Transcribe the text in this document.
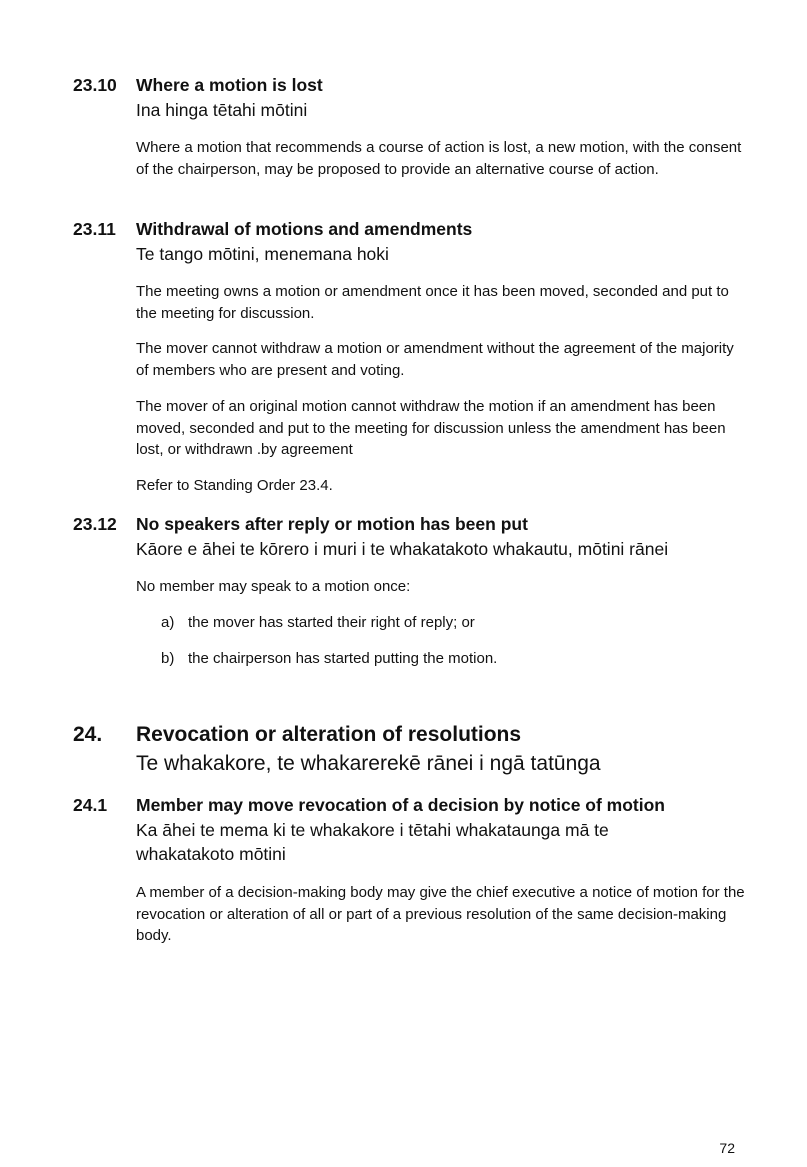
23.10 Where a motion is lost
Ina hinga tētahi mōtini
Where a motion that recommends a course of action is lost, a new motion, with the consent of the chairperson, may be proposed to provide an alternative course of action.
23.11 Withdrawal of motions and amendments
Te tango mōtini, menemana hoki
The meeting owns a motion or amendment once it has been moved, seconded and put to the meeting for discussion.
The mover cannot withdraw a motion or amendment without the agreement of the majority of members who are present and voting.
The mover of an original motion cannot withdraw the motion if an amendment has been moved, seconded and put to the meeting for discussion unless the amendment has been lost, or withdrawn .by agreement
Refer to Standing Order 23.4.
23.12 No speakers after reply or motion has been put
Kāore e āhei te kōrero i muri i te whakatakoto whakautu, mōtini rānei
No member may speak to a motion once:
a) the mover has started their right of reply; or
b) the chairperson has started putting the motion.
24. Revocation or alteration of resolutions
Te whakakore, te whakarerekē rānei i ngā tatūnga
24.1 Member may move revocation of a decision by notice of motion
Ka āhei te mema ki te whakakore i tētahi whakataunga mā te whakatakoto mōtini
A member of a decision-making body may give the chief executive a notice of motion for the revocation or alteration of all or part of a previous resolution of the same decision-making body.
72
